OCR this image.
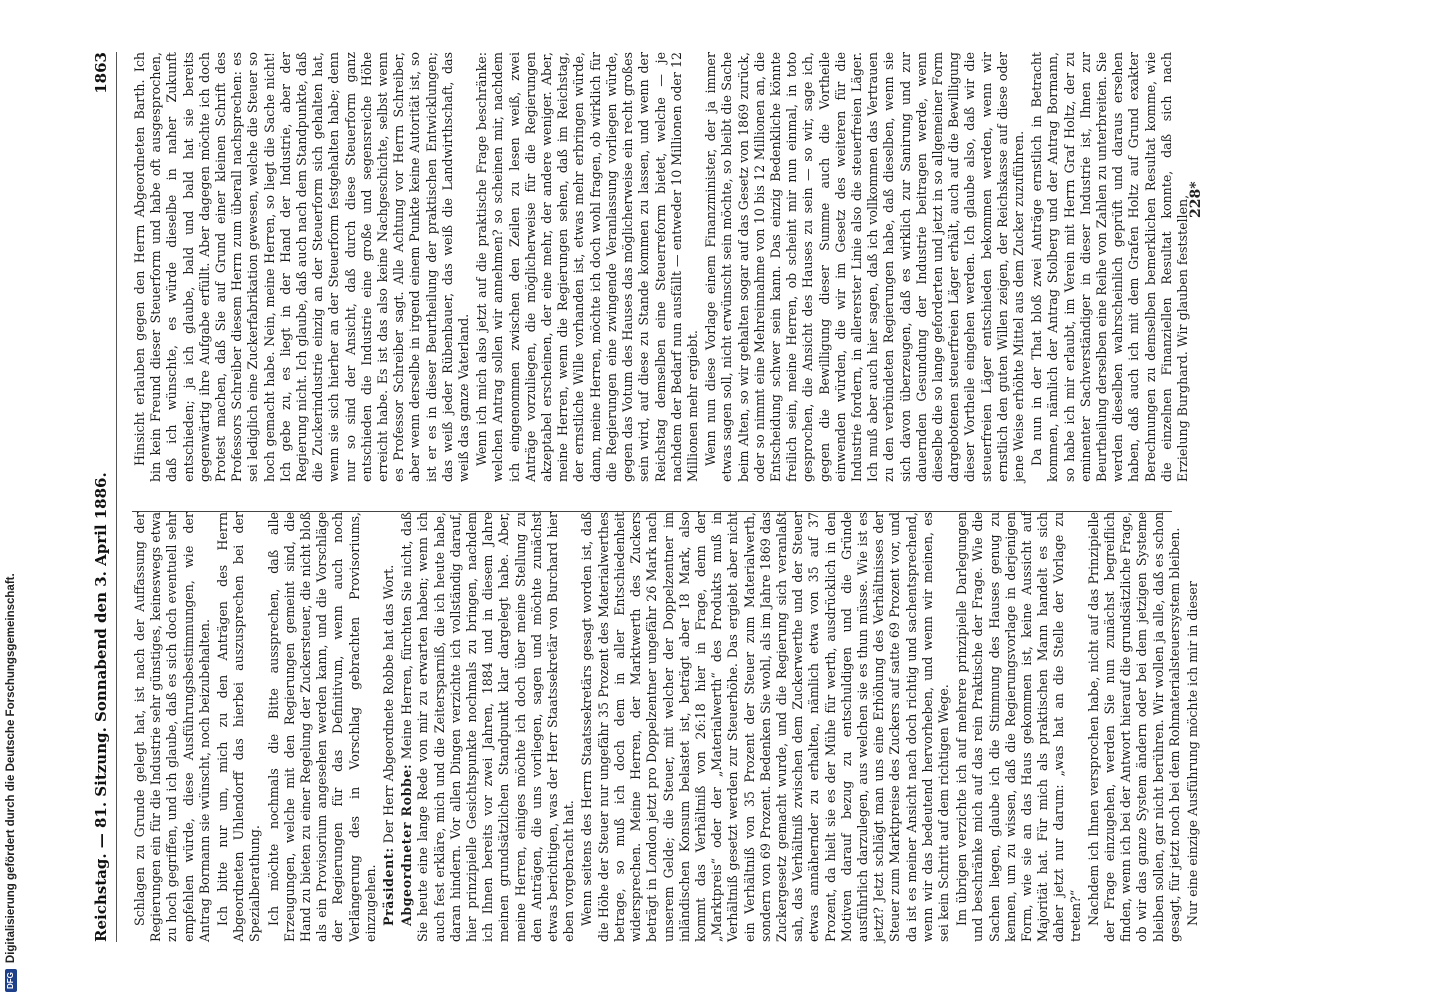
DFGDigitalisierung gefördert durch die Deutsche Forschungsgemeinschaft.	Reichstag. — 81. Sitzung. Sonnabend den 3. April 1886.
1863

Schlagen zu Grunde gelegt hat, ist nach der Auffassung der Regierungen ein für die Industrie sehr günstiges, keineswegs etwa zu hoch gegriffen, und ich glaube, daß es sich doch eventuell sehr empfehlen würde, diese Ausführungsbestimmungen, wie der Antrag Bormann sie wünscht, noch beizubehalten. Ich bitte nur um, mich zu den Anträgen des Herrn Abgeordneten Uhlendorff das hierbei auszusprechen bei der Spezialberathung. Ich möchte nochmals die Bitte aussprechen, daß alle Erzeugungen, welche mit den Regierungen gemeint sind, die Hand zu bieten zu einer Regelung der Zuckersteuer, die nicht bloß als ein Provisorium angesehen werden kann, und die Vorschläge der Regierungen für das Definitivum, wenn auch noch Verlängerung des in Vorschlag gebrachten Provisoriums, einzugehen. Präsident: Der Herr Abgeordnete Robbe hat das Wort.

Abgeordneter Robbe: Meine Herren, fürchten Sie nicht, daß Sie heute eine lange Rede von mir zu erwarten haben; wenn ich auch fest erkläre, mich und die Zeitersparniß, die ich heute habe, daran hindern. Vor allen Dingen verzichte ich vollständig darauf, hier prinzipielle Gesichtspunkte nochmals zu bringen, nachdem ich Ihnen bereits vor zwei Jahren, 1884 und in diesem Jahre meinen grundsätzlichen Standpunkt klar dargelegt habe. Aber, meine Herren, einiges möchte ich doch über meine Stellung zu den Anträgen, die uns vorliegen, sagen und möchte zunächst etwas berichtigen, was der Herr Staatssekretär von Burchard hier eben vorgebracht hat. Wenn seitens des Herrn Staatssekretärs gesagt worden ist, daß die Höhe der Steuer nur ungefähr 35 Prozent des Materialwerthes betrage, so muß ich doch dem in aller Entschiedenheit widersprechen. Meine Herren, der Marktwerth des Zuckers beträgt in London jetzt pro Doppelzentner ungefähr 26 Mark nach unserem Gelde; die Steuer, mit welcher der Doppelzentner im inländischen Konsum belastet ist, beträgt aber 18 Mark, also kommt das Verhältniß von 26:18 hier in Frage, denn der „Marktpreis“ oder der „Materialwerth“ des Produkts muß in Verhältniß gesetzt werden zur Steuerhöhe. Das ergiebt aber nicht ein Verhältniß von 35 Prozent der Steuer zum Materialwerth, sondern von 69 Prozent. Bedenken Sie wohl, als im Jahre 1869 das Zuckergesetz gemacht wurde, und die Regierung sich veranlaßt sah, das Verhältniß zwischen dem Zuckerwerthe und der Steuer etwas annähernder zu erhalten, nämlich etwa von 35 auf 37 Prozent, da hielt sie es der Mühe für werth, ausdrücklich in den Motiven darauf bezug zu entschuldigen und die Gründe ausführlich darzulegen, aus welchen sie es thun müsse. Wie ist es jetzt? Jetzt schlägt man uns eine Erhöhung des Verhältnisses der Steuer zum Marktpreise des Zuckers auf satte 69 Prozent vor, und da ist es meiner Ansicht nach doch richtig und sachentsprechend, wenn wir das bedeutend hervorheben, und wenn wir meinen, es sei kein Schritt auf dem richtigen Wege. Im übrigen verzichte ich auf mehrere prinzipielle Darlegungen und beschränke mich auf das rein Praktische der Frage. Wie die Sachen liegen, glaube ich die Stimmung des Hauses genug zu kennen, um zu wissen, daß die Regierungsvorlage in derjenigen Form, wie sie an das Haus gekommen ist, keine Aussicht auf Majorität hat. Für mich als praktischen Mann handelt es sich daher jetzt nur darum: „was hat an die Stelle der Vorlage zu treten?“ Nachdem ich Ihnen versprochen habe, nicht auf das Prinzipielle der Frage einzugehen, werden Sie nun zunächst begreiflich finden, wenn ich bei der Antwort hierauf die grundsätzliche Frage, ob wir das ganze System ändern oder bei dem jetzigen Systeme bleiben sollen, gar nicht berühren. Wir wollen ja alle, daß es schon gesagt, für jetzt noch bei dem Rohmaterialsteuersystem bleiben. Nur eine einzige Ausführung möchte ich mir in dieser

Hinsicht erlauben gegen den Herrn Abgeordneten Barth. Ich bin kein Freund dieser Steuerform und habe oft ausgesprochen, daß ich wünschte, es würde dieselbe in naher Zukunft entschieden; ja ich glaube, bald und bald hat sie bereits gegenwärtig ihre Aufgabe erfüllt. Aber dagegen möchte ich doch Protest machen, daß Sie auf Grund einer kleinen Schrift des Professors Schreiber diesem Herrn zum überall nachsprechen: es sei lediglich eine Zuckerfabrikation gewesen, welche die Steuer so hoch gemacht habe. Nein, meine Herren, so liegt die Sache nicht! Ich gebe zu, es liegt in der Hand der Industrie, aber der Regierung nicht. Ich glaube, daß auch nach dem Standpunkte, daß die Zuckerindustrie einzig an der Steuerform sich gehalten hat, wenn sie sich hierher an der Steuerform festgehalten habe; denn nur so sind der Ansicht, daß durch diese Steuerform ganz entschieden die Industrie eine große und segensreiche Höhe erreicht habe. Es ist das also keine Nachgeschichte, selbst wenn es Professor Schreiber sagt. Alle Achtung vor Herrn Schreiber, aber wenn derselbe in irgend einem Punkte keine Autorität ist, so ist er es in dieser Beurtheilung der praktischen Entwicklungen; das weiß jeder Rübenbauer, das weiß die Landwirthschaft, das weiß das ganze Vaterland. Wenn ich mich also jetzt auf die praktische Frage beschränke: welchen Antrag sollen wir annehmen? so scheinen mir, nachdem ich eingenommen zwischen den Zeilen zu lesen weiß, zwei Anträge vorzuliegen, die möglicherweise für die Regierungen akzeptabel erscheinen, der eine mehr, der andere weniger. Aber, meine Herren, wenn die Regierungen sehen, daß im Reichstag, der ernstliche Wille vorhanden ist, etwas mehr erbringen würde, dann, meine Herren, möchte ich doch wohl fragen, ob wirklich für die Regierungen eine zwingende Veranlassung vorliegen würde, gegen das Votum des Hauses das möglicherweise ein recht großes sein wird, auf diese zu Stande kommen zu lassen, und wenn der Reichstag demselben eine Steuerreform bietet, welche — je nachdem der Bedarf nun ausfällt — entweder 10 Millionen oder 12 Millionen mehr ergiebt. Wenn nun diese Vorlage einem Finanzminister, der ja immer etwas sagen soll, nicht erwünscht sein möchte, so bleibt die Sache beim Alten, so wir gehalten sogar auf das Gesetz von 1869 zurück, oder so nimmt eine Mehreinnahme von 10 bis 12 Millionen an, die Entscheidung schwer sein kann. Das einzig Bedenkliche könnte freilich sein, meine Herren, ob scheint mir nun einmal, in toto gesprochen, die Ansicht des Hauses zu sein — so wir, sage ich, gegen die Bewilligung dieser Summe auch die Vortheile einwenden würden, die wir im Gesetz des weiteren für die Industrie fordern, in allererster Linie also die steuerfreien Läger. Ich muß aber auch hier sagen, daß ich vollkommen das Vertrauen zu den verbündeten Regierungen habe, daß dieselben, wenn sie sich davon überzeugen, daß es wirklich zur Sanirung und zur dauernden Gesundung der Industrie beitragen werde, wenn dieselbe die so lange geforderten und jetzt in so allgemeiner Form dargebotenen steuerfreien Läger erhält, auch auf die Bewilligung dieser Vortheile eingehen werden. Ich glaube also, daß wir die steuerfreien Läger entschieden bekommen werden, wenn wir ernstlich den guten Willen zeigen, der Reichskasse auf diese oder jene Weise erhöhte Mittel aus dem Zucker zuzuführen. Da nun in der That bloß zwei Anträge ernstlich in Betracht kommen, nämlich der Antrag Stolberg und der Antrag Bormann, so habe ich mir erlaubt, im Verein mit Herrn Graf Holtz, der zu eminenter Sachverständiger in dieser Industrie ist, Ihnen zur Beurtheilung derselben eine Reihe von Zahlen zu unterbreiten. Sie werden dieselben wahrscheinlich geprüft und daraus ersehen haben, daß auch ich mit dem Grafen Holtz auf Grund exakter Berechnungen zu demselben bemerklichen Resultat komme, wie die einzelnen Finanziellen Resultat konnte, daß sich nach Erzielung Burghard. Wir glauben feststellen,

228*
